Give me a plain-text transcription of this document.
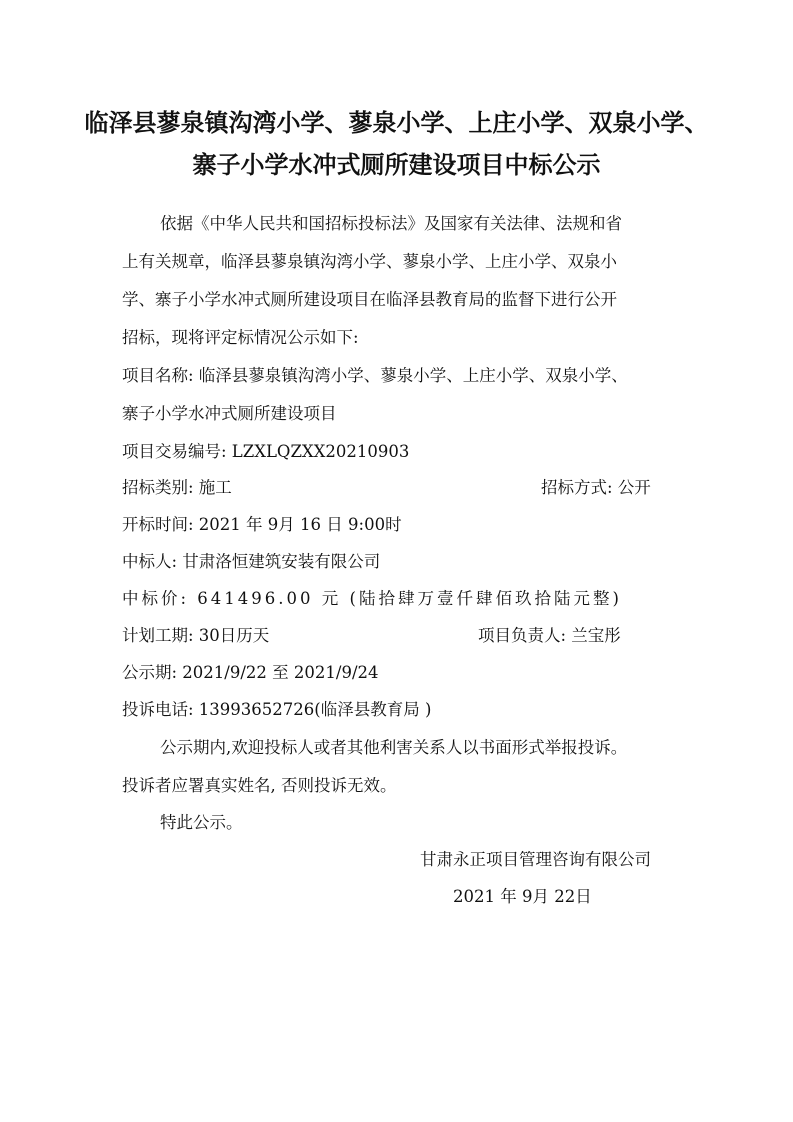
临泽县蓼泉镇沟湾小学、蓼泉小学、上庄小学、双泉小学、
寨子小学水冲式厕所建设项目中标公示
依据《中华人民共和国招标投标法》及国家有关法律、法规和省
上有关规章，临泽县蓼泉镇沟湾小学、蓼泉小学、上庄小学、双泉小
学、寨子小学水冲式厕所建设项目在临泽县教育局的监督下进行公开
招标，现将评定标情况公示如下:
项目名称: 临泽县蓼泉镇沟湾小学、蓼泉小学、上庄小学、双泉小学、
寨子小学水冲式厕所建设项目
项目交易编号: LZXLQZXX20210903
招标类别: 施工	招标方式: 公开
开标时间: 2021 年 9月 16 日 9:00时
中标人: 甘肃洛恒建筑安装有限公司
中标价: 641496.00 元 (陆拾肆万壹仟肆佰玖拾陆元整)
计划工期: 30日历天	项目负责人: 兰宝彤
公示期: 2021/9/22 至 2021/9/24
投诉电话: 13993652726(临泽县教育局 )
公示期内,欢迎投标人或者其他利害关系人以书面形式举报投诉。
投诉者应署真实姓名, 否则投诉无效。
特此公示。
甘肃永正项目管理咨询有限公司
2021 年 9月 22日
